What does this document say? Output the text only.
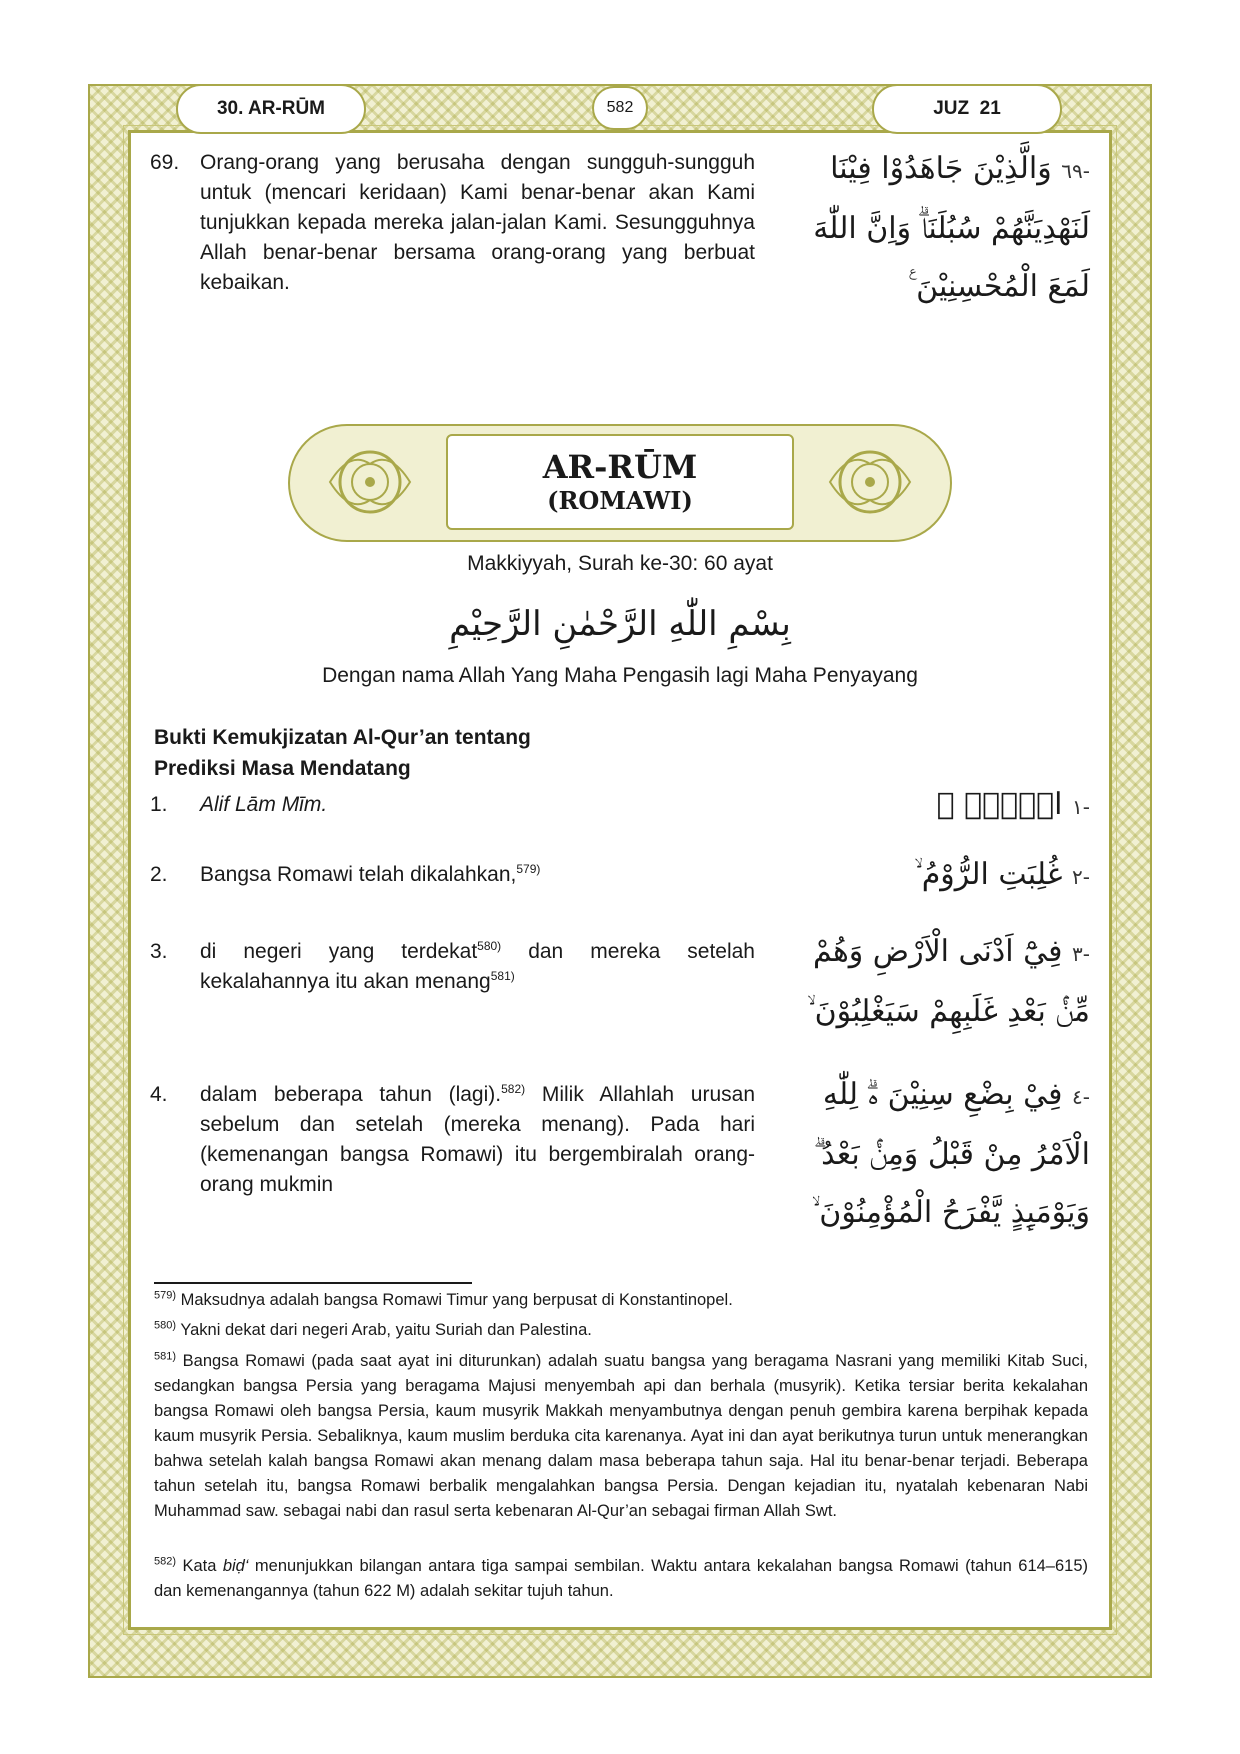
30. AR-RŪM	582	JUZ  21
69. Orang-orang yang berusaha dengan sungguh-sungguh untuk (mencari keridaan) Kami benar-benar akan Kami tunjukkan kepada mereka jalan-jalan Kami. Sesungguhnya Allah benar-benar bersama orang-orang yang berbuat kebaikan.
-٦٩ وَالَّذِيْنَ جَاهَدُوْا فِيْنَا لَنَهْدِيَنَّهُمْ سُبُلَنَاۗ وَاِنَّ اللّٰهَ لَمَعَ الْمُحْسِنِيْنَ ࣖ
1. Alif Lām Mīm.	-١ الۤمّۤ ۚ
2. Bangsa Romawi telah dikalahkan,$^{579)}$	-٢ غُلِبَتِ الرُّوْمُ ۙ
3. di negeri yang terdekat$^{580)}$ dan mereka setelah kekalahannya itu akan menang$^{581)}$
-٣ فِيْٓ اَدْنَى الْاَرْضِ وَهُمْ مِّنْۢ بَعْدِ غَلَبِهِمْ سَيَغْلِبُوْنَ ۙ
4. dalam beberapa tahun (lagi).$^{582)}$ Milik Allahlah urusan sebelum dan setelah (mereka menang). Pada hari (kemenangan bangsa Romawi) itu bergembiralah orang-orang mukmin
-٤ فِيْ بِضْعِ سِنِيْنَ ەۗ لِلّٰهِ الْاَمْرُ مِنْ قَبْلُ وَمِنْۢ بَعْدُ ۗ وَيَوْمَىِٕذٍ يَّفْرَحُ الْمُؤْمِنُوْنَ ۙ
AR-RŪM
(ROMAWI)
Makkiyyah, Surah ke-30: 60 ayat
بِسْمِ اللّٰهِ الرَّحْمٰنِ الرَّحِيْمِ
Dengan nama Allah Yang Maha Pengasih lagi Maha Penyayang
Bukti Kemukjizatan Al-Qur’an tentang
Prediksi Masa Mendatang
$^{579)}$ Maksudnya adalah bangsa Romawi Timur yang berpusat di Konstantinopel.
$^{580)}$ Yakni dekat dari negeri Arab, yaitu Suriah dan Palestina.
$^{581)}$ Bangsa Romawi (pada saat ayat ini diturunkan) adalah suatu bangsa yang beragama Nasrani yang memiliki Kitab Suci, sedangkan bangsa Persia yang beragama Majusi menyembah api dan berhala (musyrik). Ketika tersiar berita kekalahan bangsa Romawi oleh bangsa Persia, kaum musyrik Makkah menyambutnya dengan penuh gembira karena berpihak kepada kaum musyrik Persia. Sebaliknya, kaum muslim berduka cita karenanya. Ayat ini dan ayat berikutnya turun untuk menerangkan bahwa setelah kalah bangsa Romawi akan menang dalam masa beberapa tahun saja. Hal itu benar-benar terjadi. Beberapa tahun setelah itu, bangsa Romawi berbalik mengalahkan bangsa Persia. Dengan kejadian itu, nyatalah kebenaran Nabi Muhammad saw. sebagai nabi dan rasul serta kebenaran Al-Qur’an sebagai firman Allah Swt.
$^{582)}$ Kata biḍ‘ menunjukkan bilangan antara tiga sampai sembilan. Waktu antara kekalahan bangsa Romawi (tahun 614–615) dan kemenangannya (tahun 622 M) adalah sekitar tujuh tahun.
